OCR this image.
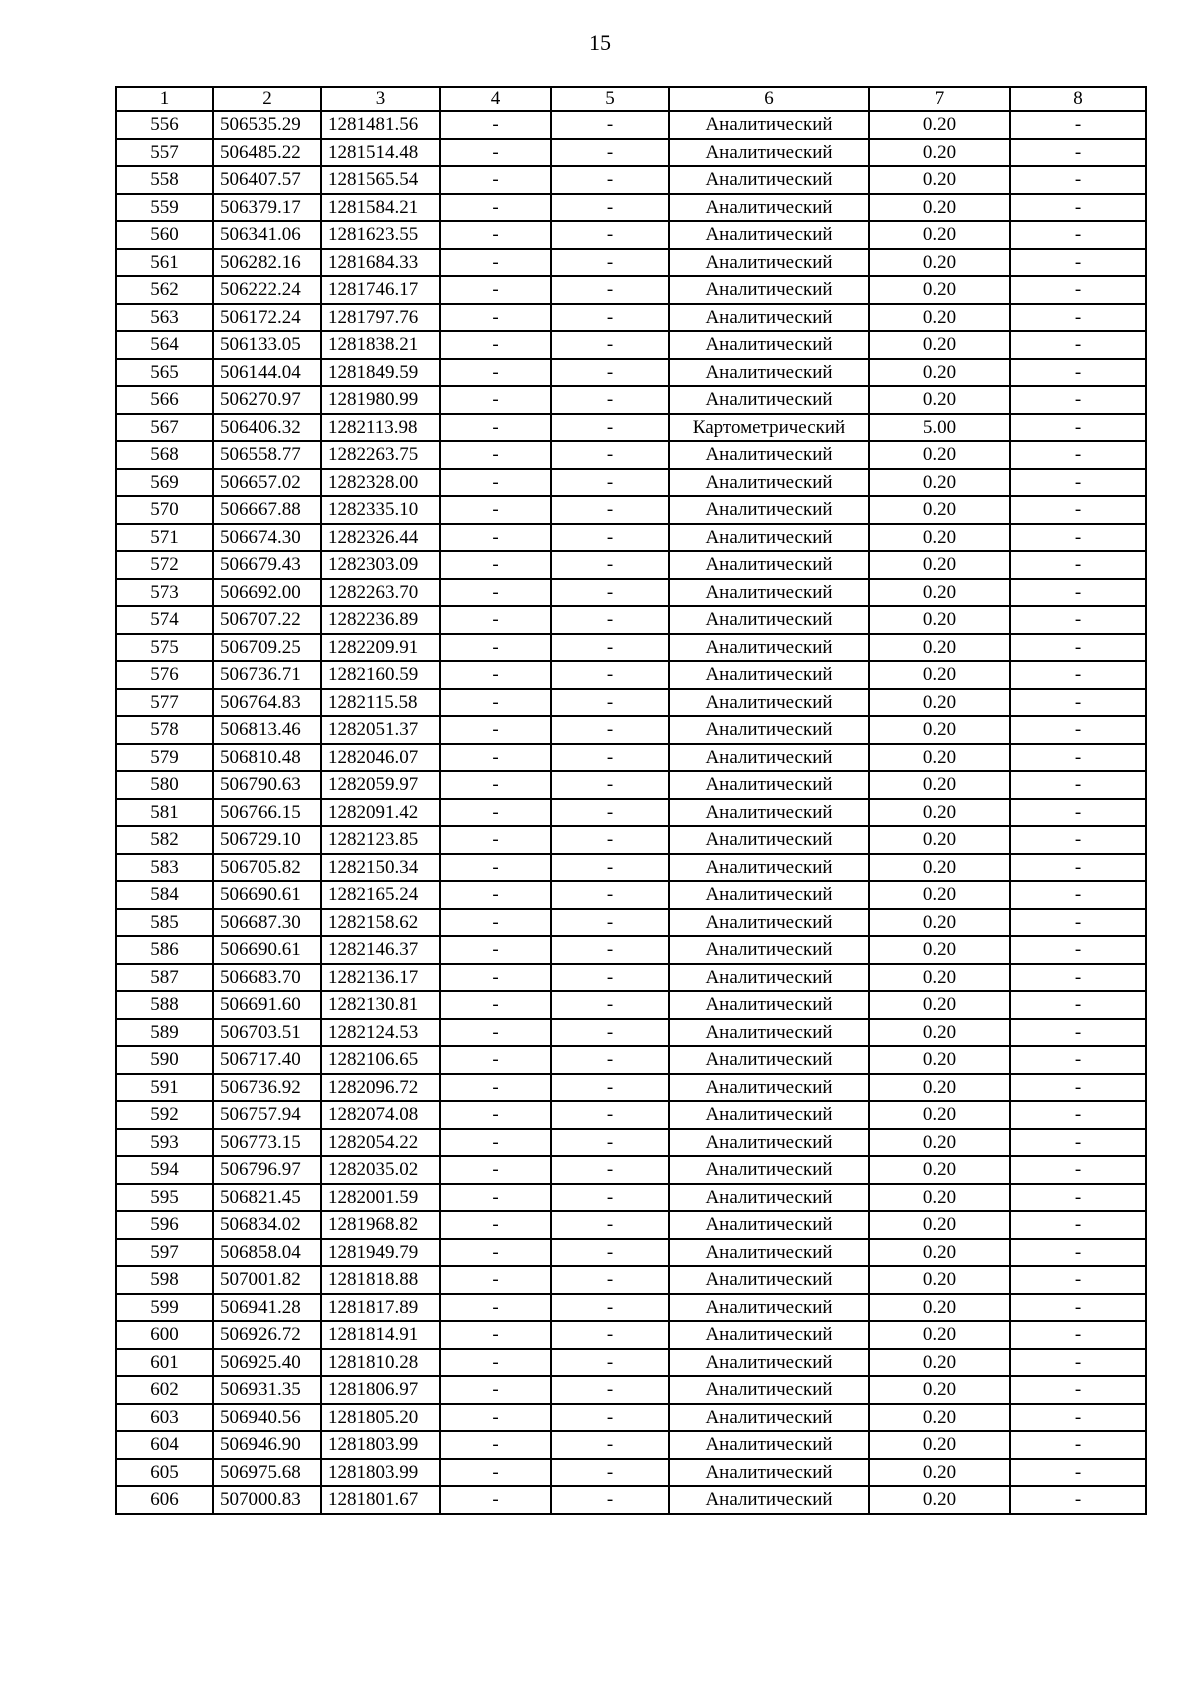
15
1	2	3	4	5	6	7	8
556	506535.29	1281481.56	-	-	Аналитический	0.20	-
557	506485.22	1281514.48	-	-	Аналитический	0.20	-
558	506407.57	1281565.54	-	-	Аналитический	0.20	-
559	506379.17	1281584.21	-	-	Аналитический	0.20	-
560	506341.06	1281623.55	-	-	Аналитический	0.20	-
561	506282.16	1281684.33	-	-	Аналитический	0.20	-
562	506222.24	1281746.17	-	-	Аналитический	0.20	-
563	506172.24	1281797.76	-	-	Аналитический	0.20	-
564	506133.05	1281838.21	-	-	Аналитический	0.20	-
565	506144.04	1281849.59	-	-	Аналитический	0.20	-
566	506270.97	1281980.99	-	-	Аналитический	0.20	-
567	506406.32	1282113.98	-	-	Картометрический	5.00	-
568	506558.77	1282263.75	-	-	Аналитический	0.20	-
569	506657.02	1282328.00	-	-	Аналитический	0.20	-
570	506667.88	1282335.10	-	-	Аналитический	0.20	-
571	506674.30	1282326.44	-	-	Аналитический	0.20	-
572	506679.43	1282303.09	-	-	Аналитический	0.20	-
573	506692.00	1282263.70	-	-	Аналитический	0.20	-
574	506707.22	1282236.89	-	-	Аналитический	0.20	-
575	506709.25	1282209.91	-	-	Аналитический	0.20	-
576	506736.71	1282160.59	-	-	Аналитический	0.20	-
577	506764.83	1282115.58	-	-	Аналитический	0.20	-
578	506813.46	1282051.37	-	-	Аналитический	0.20	-
579	506810.48	1282046.07	-	-	Аналитический	0.20	-
580	506790.63	1282059.97	-	-	Аналитический	0.20	-
581	506766.15	1282091.42	-	-	Аналитический	0.20	-
582	506729.10	1282123.85	-	-	Аналитический	0.20	-
583	506705.82	1282150.34	-	-	Аналитический	0.20	-
584	506690.61	1282165.24	-	-	Аналитический	0.20	-
585	506687.30	1282158.62	-	-	Аналитический	0.20	-
586	506690.61	1282146.37	-	-	Аналитический	0.20	-
587	506683.70	1282136.17	-	-	Аналитический	0.20	-
588	506691.60	1282130.81	-	-	Аналитический	0.20	-
589	506703.51	1282124.53	-	-	Аналитический	0.20	-
590	506717.40	1282106.65	-	-	Аналитический	0.20	-
591	506736.92	1282096.72	-	-	Аналитический	0.20	-
592	506757.94	1282074.08	-	-	Аналитический	0.20	-
593	506773.15	1282054.22	-	-	Аналитический	0.20	-
594	506796.97	1282035.02	-	-	Аналитический	0.20	-
595	506821.45	1282001.59	-	-	Аналитический	0.20	-
596	506834.02	1281968.82	-	-	Аналитический	0.20	-
597	506858.04	1281949.79	-	-	Аналитический	0.20	-
598	507001.82	1281818.88	-	-	Аналитический	0.20	-
599	506941.28	1281817.89	-	-	Аналитический	0.20	-
600	506926.72	1281814.91	-	-	Аналитический	0.20	-
601	506925.40	1281810.28	-	-	Аналитический	0.20	-
602	506931.35	1281806.97	-	-	Аналитический	0.20	-
603	506940.56	1281805.20	-	-	Аналитический	0.20	-
604	506946.90	1281803.99	-	-	Аналитический	0.20	-
605	506975.68	1281803.99	-	-	Аналитический	0.20	-
606	507000.83	1281801.67	-	-	Аналитический	0.20	-
